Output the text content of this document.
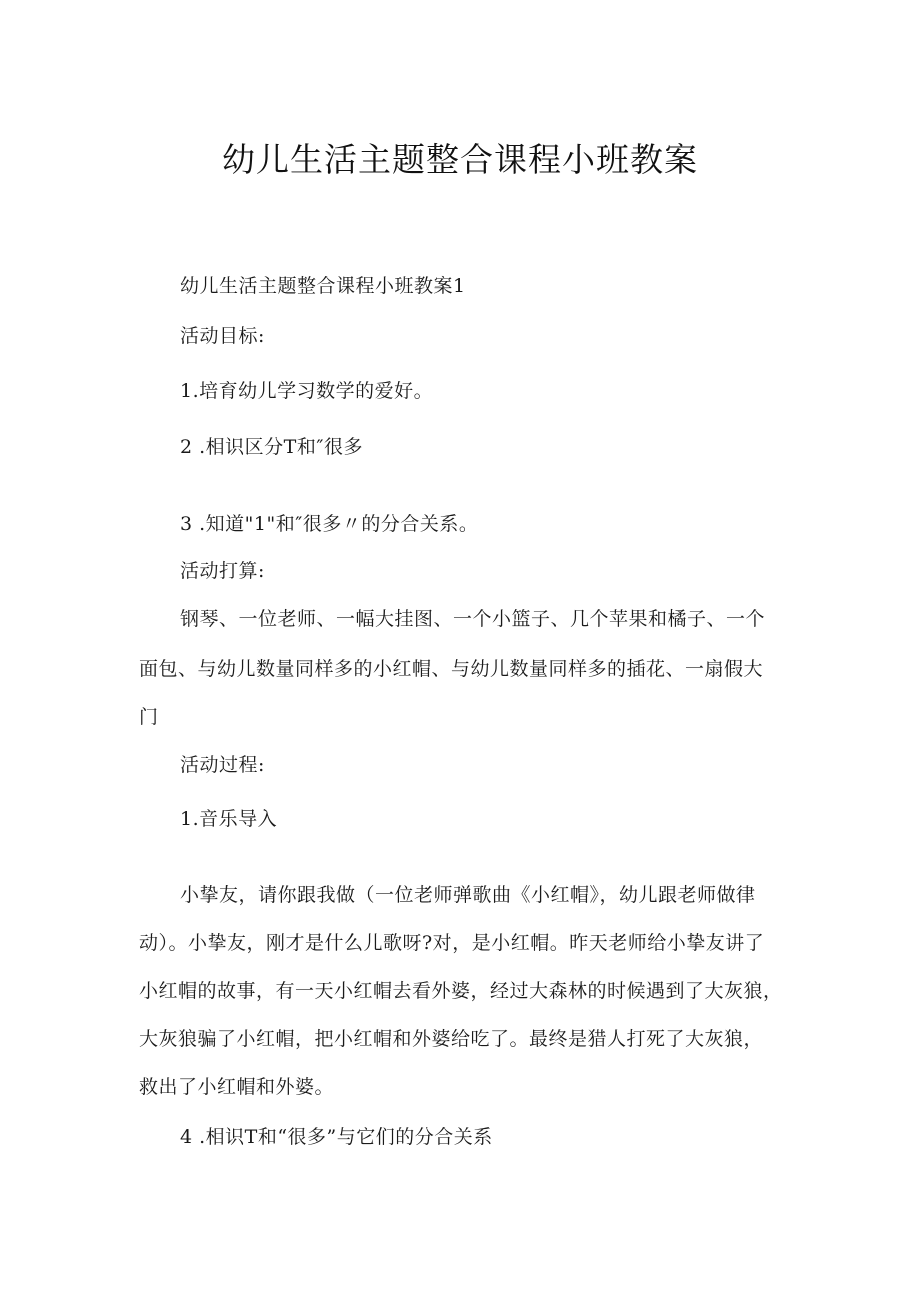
幼儿生活主题整合课程小班教案
幼儿生活主题整合课程小班教案1
活动目标:
1.培育幼儿学习数学的爱好。
2 .相识区分T和″很多
3 .知道"1"和″很多〃的分合关系。
活动打算:
钢琴、一位老师、一幅大挂图、一个小篮子、几个苹果和橘子、一个
面包、与幼儿数量同样多的小红帽、与幼儿数量同样多的插花、一扇假大
门
活动过程:
1.音乐导入
小挚友，请你跟我做（一位老师弹歌曲《小红帽》，幼儿跟老师做律
动）。小挚友，刚才是什么儿歌呀?对，是小红帽。昨天老师给小挚友讲了
小红帽的故事，有一天小红帽去看外婆，经过大森林的时候遇到了大灰狼，
大灰狼骗了小红帽，把小红帽和外婆给吃了。最终是猎人打死了大灰狼，
救出了小红帽和外婆。
4 .相识T和“很多”与它们的分合关系
